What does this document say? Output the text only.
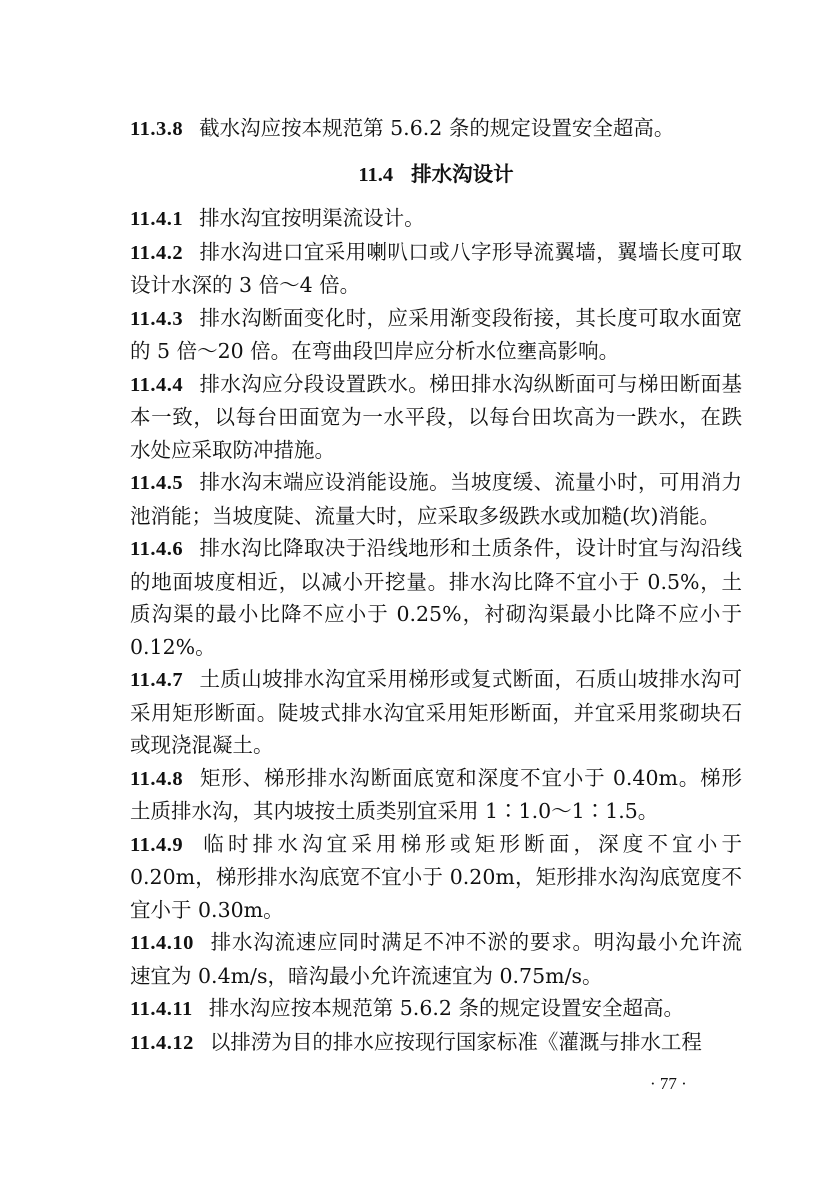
11.3.8 截水沟应按本规范第 5.6.2 条的规定设置安全超高。

11.4 排水沟设计

11.4.1 排水沟宜按明渠流设计。

11.4.2 排水沟进口宜采用喇叭口或八字形导流翼墙，翼墙长度可取设计水深的 3 倍～4 倍。

11.4.3 排水沟断面变化时，应采用渐变段衔接，其长度可取水面宽的 5 倍～20 倍。在弯曲段凹岸应分析水位壅高影响。

11.4.4 排水沟应分段设置跌水。梯田排水沟纵断面可与梯田断面基本一致，以每台田面宽为一水平段，以每台田坎高为一跌水，在跌水处应采取防冲措施。

11.4.5 排水沟末端应设消能设施。当坡度缓、流量小时，可用消力池消能；当坡度陡、流量大时，应采取多级跌水或加糙(坎)消能。

11.4.6 排水沟比降取决于沿线地形和土质条件，设计时宜与沟沿线的地面坡度相近，以减小开挖量。排水沟比降不宜小于 0.5%，土质沟渠的最小比降不应小于 0.25%，衬砌沟渠最小比降不应小于 0.12%。

11.4.7 土质山坡排水沟宜采用梯形或复式断面，石质山坡排水沟可采用矩形断面。陡坡式排水沟宜采用矩形断面，并宜采用浆砌块石或现浇混凝土。

11.4.8 矩形、梯形排水沟断面底宽和深度不宜小于 0.40m。梯形土质排水沟，其内坡按土质类别宜采用 1∶1.0～1∶1.5。

11.4.9 临时排水沟宜采用梯形或矩形断面，深度不宜小于 0.20m，梯形排水沟底宽不宜小于 0.20m，矩形排水沟沟底宽度不宜小于 0.30m。

11.4.10 排水沟流速应同时满足不冲不淤的要求。明沟最小允许流速宜为 0.4m/s，暗沟最小允许流速宜为 0.75m/s。

11.4.11 排水沟应按本规范第 5.6.2 条的规定设置安全超高。

11.4.12 以排涝为目的排水应按现行国家标准《灌溉与排水工程

· 77 ·
